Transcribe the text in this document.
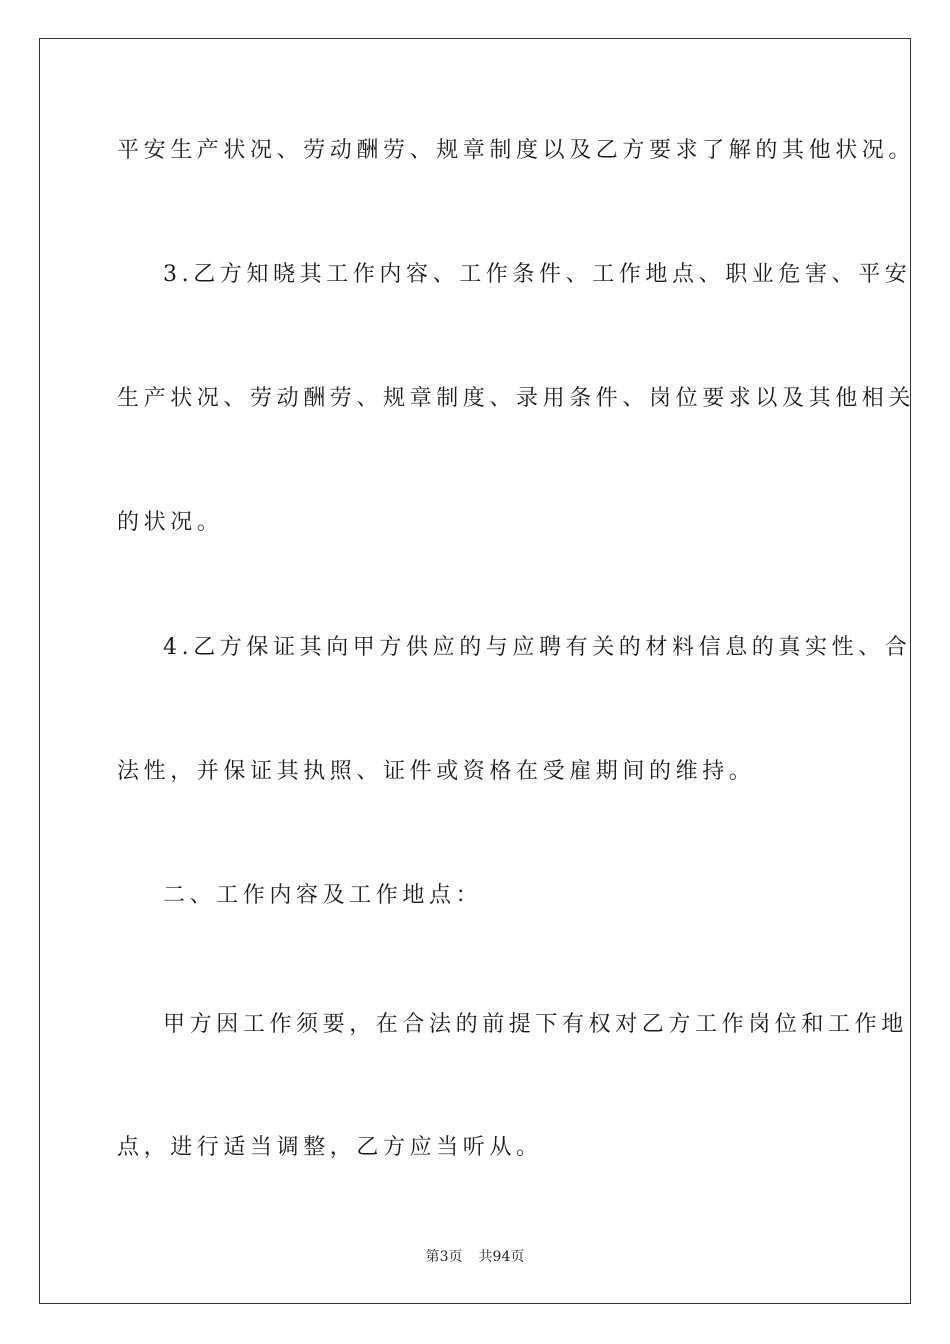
平安生产状况、劳动酬劳、规章制度以及乙方要求了解的其他状况。
3.乙方知晓其工作内容、工作条件、工作地点、职业危害、平安
生产状况、劳动酬劳、规章制度、录用条件、岗位要求以及其他相关
的状况。
4.乙方保证其向甲方供应的与应聘有关的材料信息的真实性、合
法性，并保证其执照、证件或资格在受雇期间的维持。
二、工作内容及工作地点：
甲方因工作须要，在合法的前提下有权对乙方工作岗位和工作地
点，进行适当调整，乙方应当听从。
第3页 共94页
